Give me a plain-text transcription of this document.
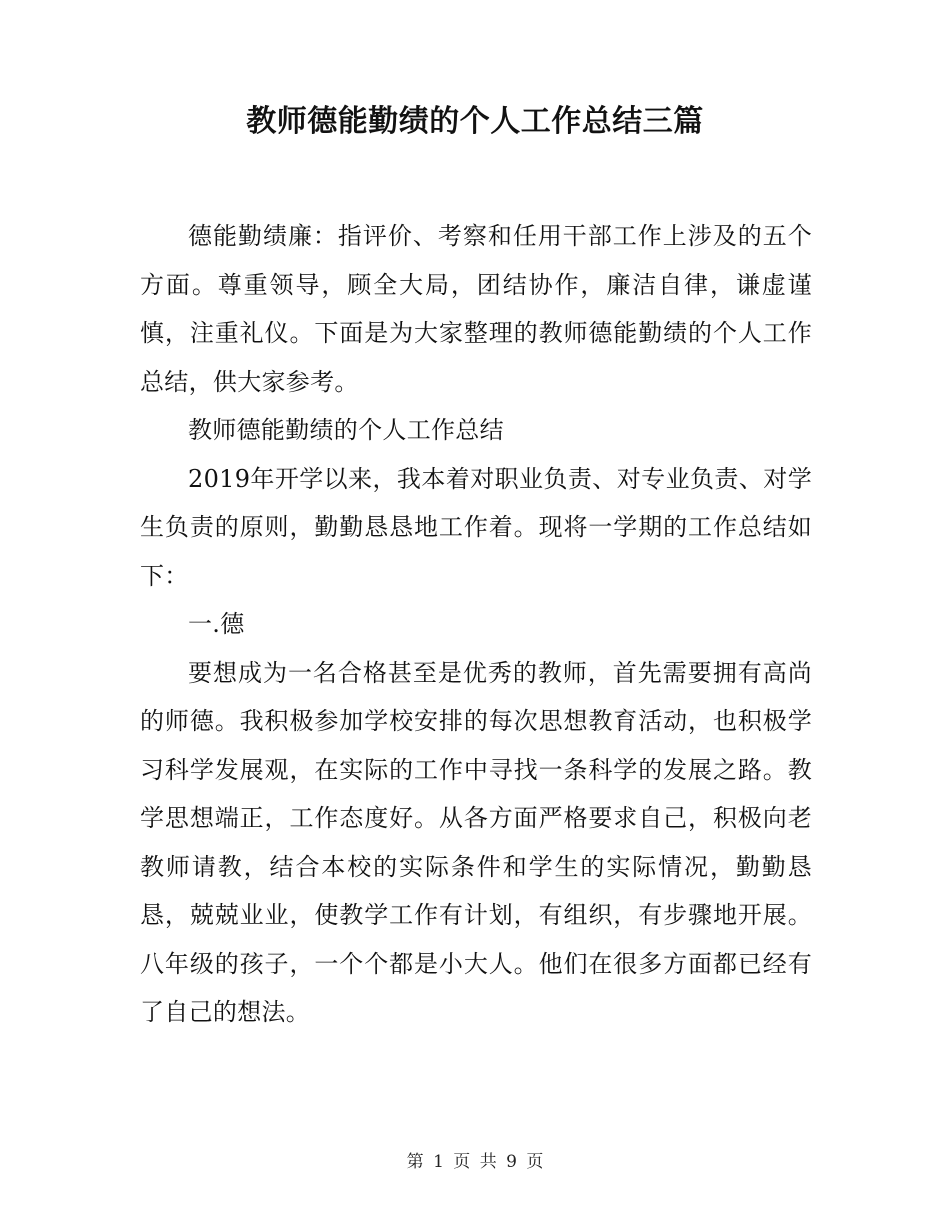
教师德能勤绩的个人工作总结三篇

德能勤绩廉：指评价、考察和任用干部工作上涉及的五个方面。尊重领导，顾全大局，团结协作，廉洁自律，谦虚谨慎，注重礼仪。下面是为大家整理的教师德能勤绩的个人工作总结，供大家参考。

教师德能勤绩的个人工作总结

2019年开学以来，我本着对职业负责、对专业负责、对学生负责的原则，勤勤恳恳地工作着。现将一学期的工作总结如下：

一.德

要想成为一名合格甚至是优秀的教师，首先需要拥有高尚的师德。我积极参加学校安排的每次思想教育活动，也积极学习科学发展观，在实际的工作中寻找一条科学的发展之路。教学思想端正，工作态度好。从各方面严格要求自己，积极向老教师请教，结合本校的实际条件和学生的实际情况，勤勤恳恳，兢兢业业，使教学工作有计划，有组织，有步骤地开展。八年级的孩子，一个个都是小大人。他们在很多方面都已经有了自己的想法。

第 1 页 共 9 页
